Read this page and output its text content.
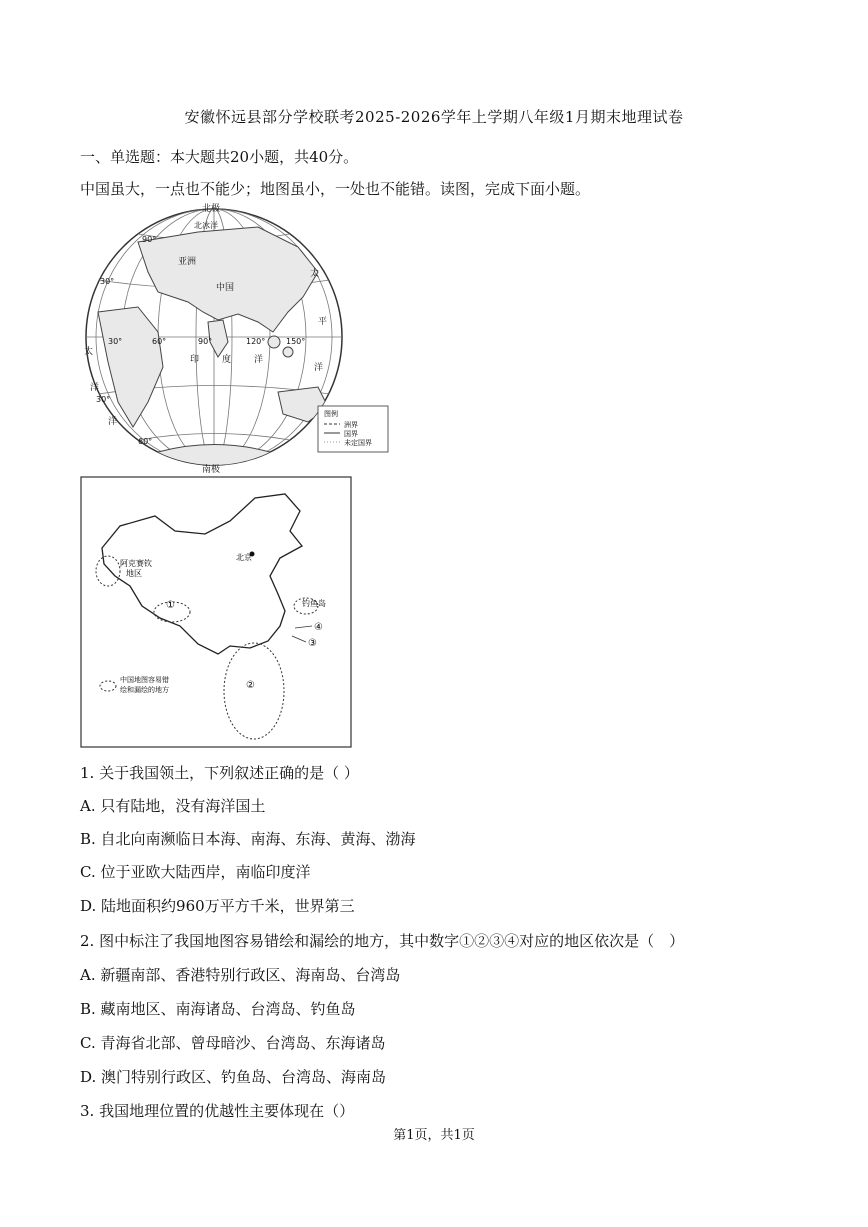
安徽怀远县部分学校联考2025-2026学年上学期八年级1月期末地理试卷
一、单选题：本大题共20小题，共40分。
中国虽大，一点也不能少；地图虽小，一处也不能错。读图，完成下面小题。
北极
北冰洋
亚洲
中国
90°
30°
30°	60°	90°	120°	150°
30°
60°
印	度	洋
太
平
洋
太
洋
洋
南极
图例
洲界
国界
未定国界
北京
阿克赛钦
地区
①	钓鱼岛
④
③
②
中国地图容易错
绘和漏绘的地方
1. 关于我国领土，下列叙述正确的是（ ）
A. 只有陆地，没有海洋国土
B. 自北向南濒临日本海、南海、东海、黄海、渤海
C. 位于亚欧大陆西岸，南临印度洋
D. 陆地面积约960万平方千米，世界第三
2. 图中标注了我国地图容易错绘和漏绘的地方，其中数字①②③④对应的地区依次是（　）
A. 新疆南部、香港特别行政区、海南岛、台湾岛
B. 藏南地区、南海诸岛、台湾岛、钓鱼岛
C. 青海省北部、曾母暗沙、台湾岛、东海诸岛
D. 澳门特别行政区、钓鱼岛、台湾岛、海南岛
3. 我国地理位置的优越性主要体现在（）
第1页，共1页
